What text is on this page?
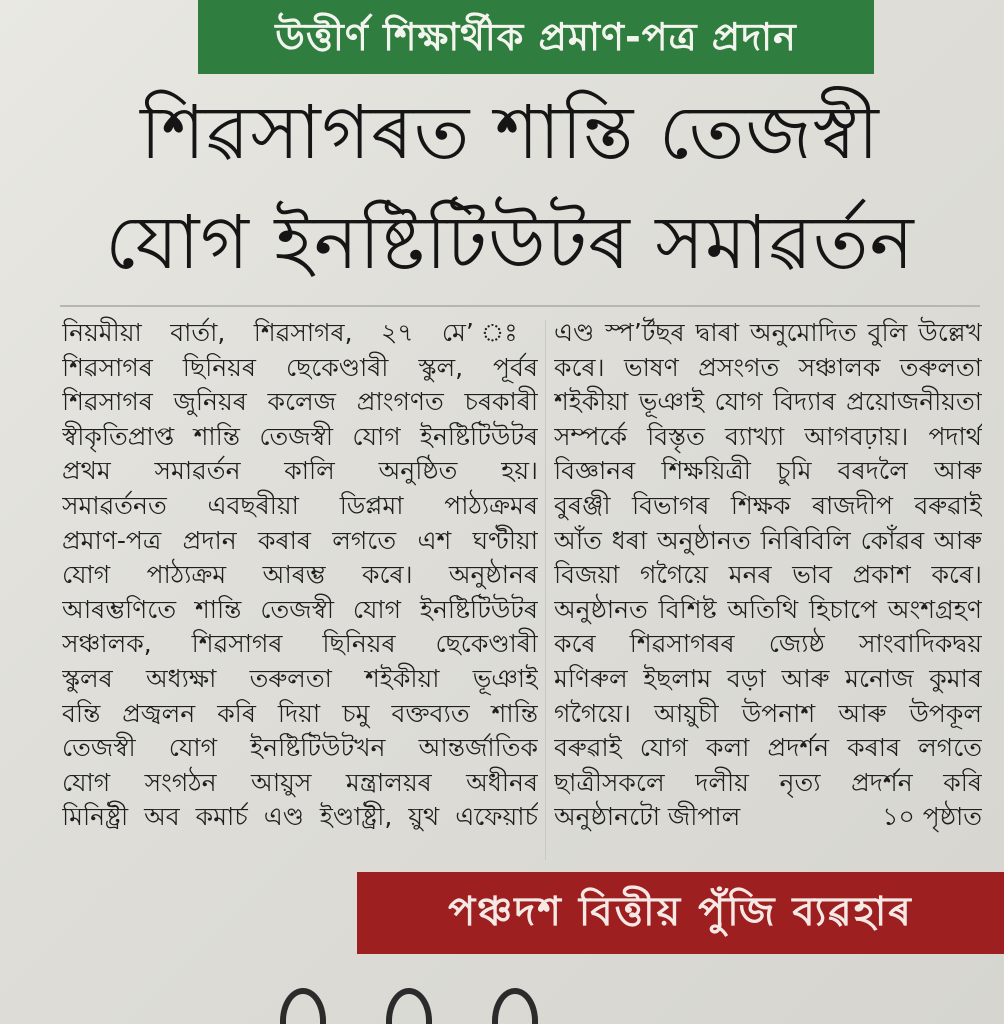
উত্তীৰ্ণ শিক্ষাৰ্থীক প্ৰমাণ-পত্ৰ প্ৰদান
শিৱসাগৰত শান্তি তেজস্বী
যোগ ইনষ্টিটিউটৰ সমাৱৰ্তন
নিয়মীয়া বাৰ্তা, শিৱসাগৰ, ২৭ মে’ ঃ
শিৱসাগৰ ছিনিয়ৰ ছেকেণ্ডাৰী স্কুল, পূৰ্বৰ
শিৱসাগৰ জুনিয়ৰ কলেজ প্ৰাংগণত চৰকাৰী
স্বীকৃতিপ্ৰাপ্ত শান্তি তেজস্বী যোগ ইনষ্টিটিউটৰ
প্ৰথম সমাৱৰ্তন কালি অনুষ্ঠিত হয়।
সমাৱৰ্তনত এবছৰীয়া ডিপ্লমা পাঠ্যক্ৰমৰ
প্ৰমাণ-পত্ৰ প্ৰদান কৰাৰ লগতে এশ ঘণ্টীয়া
যোগ পাঠ্যক্ৰম আৰম্ভ কৰে। অনুষ্ঠানৰ
আৰম্ভণিতে শান্তি তেজস্বী যোগ ইনষ্টিটিউটৰ
সঞ্চালক, শিৱসাগৰ ছিনিয়ৰ ছেকেণ্ডাৰী
স্কুলৰ অধ্যক্ষা তৰুলতা শইকীয়া ভূঞাই
বন্তি প্ৰজ্বলন কৰি দিয়া চমু বক্তব্যত শান্তি
তেজস্বী যোগ ইনষ্টিটিউটখন আন্তৰ্জাতিক
যোগ সংগঠন আয়ুস মন্ত্ৰালয়ৰ অধীনৰ
মিনিষ্ট্ৰী অব কমাৰ্চ এণ্ড ইণ্ডাষ্ট্ৰী, য়ুথ এফেয়াৰ্চ
এণ্ড স্প’ৰ্টছৰ দ্বাৰা অনুমোদিত বুলি উল্লেখ
কৰে। ভাষণ প্ৰসংগত সঞ্চালক তৰুলতা
শইকীয়া ভূঞাই যোগ বিদ্যাৰ প্ৰয়োজনীয়তা
সম্পৰ্কে বিস্তৃত ব্যাখ্যা আগবঢ়ায়। পদাৰ্থ
বিজ্ঞানৰ শিক্ষয়িত্ৰী চুমি বৰদলৈ আৰু
বুৰঞ্জী বিভাগৰ শিক্ষক ৰাজদীপ বৰুৱাই
আঁত ধৰা অনুষ্ঠানত নিৰিবিলি কোঁৱৰ আৰু
বিজয়া গগৈয়ে মনৰ ভাব প্ৰকাশ কৰে।
অনুষ্ঠানত বিশিষ্ট অতিথি হিচাপে অংশগ্ৰহণ
কৰে শিৱসাগৰৰ জ্যেষ্ঠ সাংবাদিকদ্বয়
মণিৰুল ইছলাম বড়া আৰু মনোজ কুমাৰ
গগৈয়ে। আয়ুচী উপনাশ আৰু উপকূল
বৰুৱাই যোগ কলা প্ৰদৰ্শন কৰাৰ লগতে
ছাত্ৰীসকলে দলীয় নৃত্য প্ৰদৰ্শন কৰি
অনুষ্ঠানটো জীপাল	১০ পৃষ্ঠাত
পঞ্চদশ বিত্তীয় পুঁজি ব্যৱহাৰ
